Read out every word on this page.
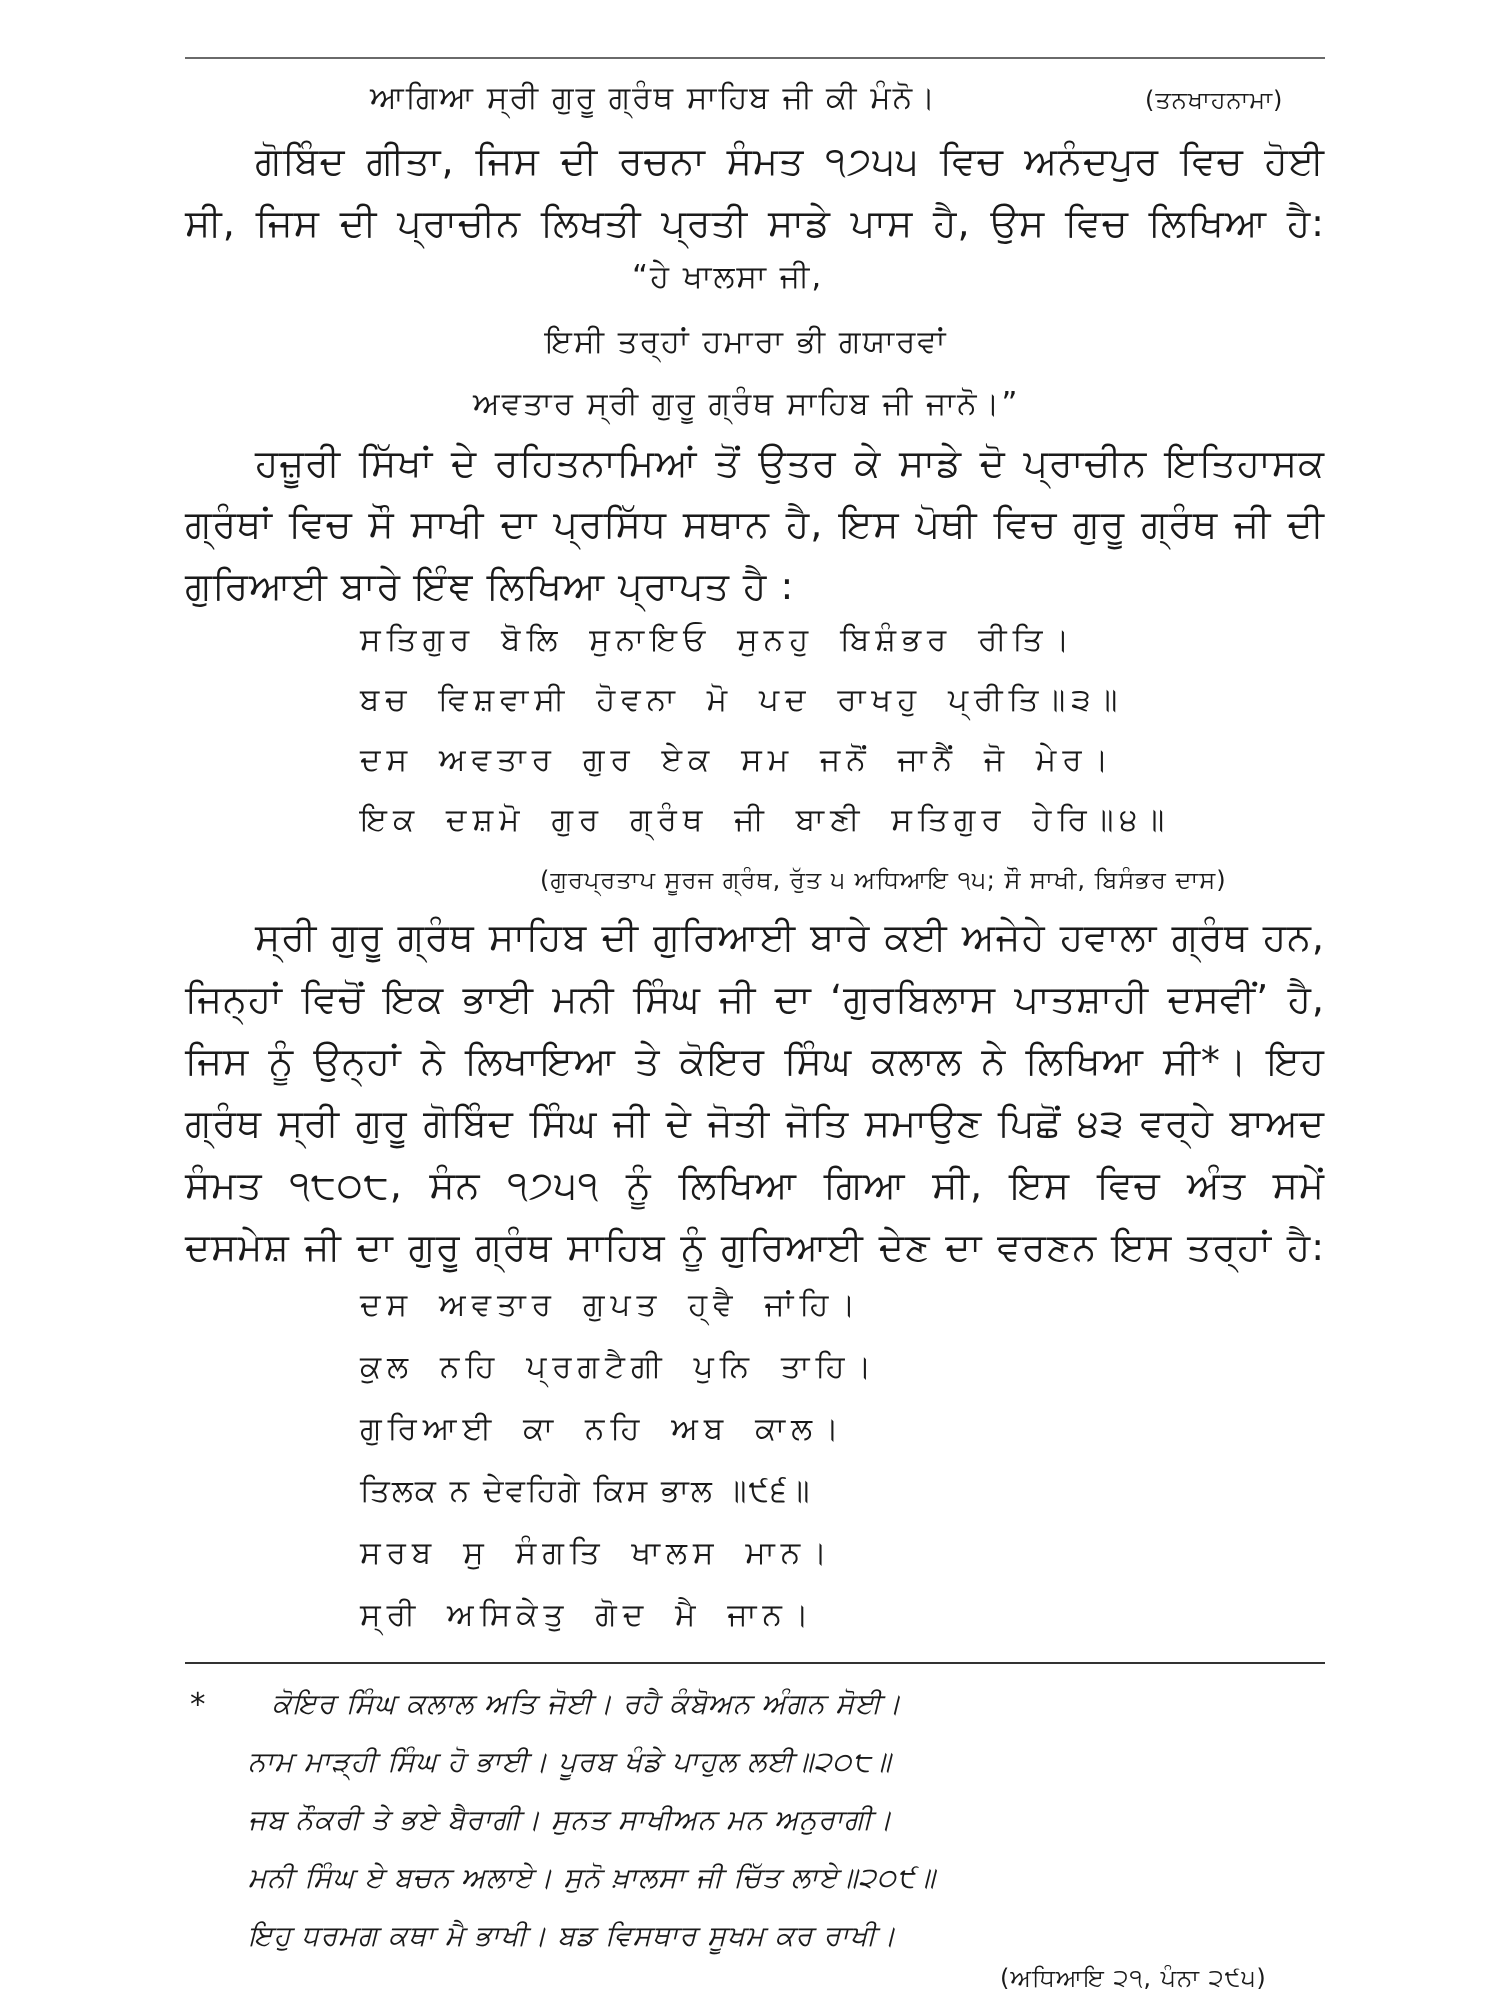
ਆਗਿਆ ਸ੍ਰੀ ਗੁਰੂ ਗ੍ਰੰਥ ਸਾਹਿਬ ਜੀ ਕੀ ਮੰਨੋ।	(ਤਨਖਾਹਨਾਮਾ)
ਗੋਬਿੰਦ ਗੀਤਾ, ਜਿਸ ਦੀ ਰਚਨਾ ਸੰਮਤ ੧੭੫੫ ਵਿਚ ਅਨੰਦਪੁਰ ਵਿਚ ਹੋਈ
ਸੀ, ਜਿਸ ਦੀ ਪ੍ਰਾਚੀਨ ਲਿਖਤੀ ਪ੍ਰਤੀ ਸਾਡੇ ਪਾਸ ਹੈ, ਉਸ ਵਿਚ ਲਿਖਿਆ ਹੈ:
“ਹੇ ਖਾਲਸਾ ਜੀ,
ਇਸੀ ਤਰ੍ਹਾਂ ਹਮਾਰਾ ਭੀ ਗਯਾਰਵਾਂ
ਅਵਤਾਰ ਸ੍ਰੀ ਗੁਰੂ ਗ੍ਰੰਥ ਸਾਹਿਬ ਜੀ ਜਾਨੋ।”
ਹਜ਼ੂਰੀ ਸਿੱਖਾਂ ਦੇ ਰਹਿਤਨਾਮਿਆਂ ਤੋਂ ਉਤਰ ਕੇ ਸਾਡੇ ਦੋ ਪ੍ਰਾਚੀਨ ਇਤਿਹਾਸਕ
ਗ੍ਰੰਥਾਂ ਵਿਚ ਸੌ ਸਾਖੀ ਦਾ ਪ੍ਰਸਿੱਧ ਸਥਾਨ ਹੈ, ਇਸ ਪੋਥੀ ਵਿਚ ਗੁਰੂ ਗ੍ਰੰਥ ਜੀ ਦੀ
ਗੁਰਿਆਈ ਬਾਰੇ ਇੰਞ ਲਿਖਿਆ ਪ੍ਰਾਪਤ ਹੈ :
ਸਤਿਗੁਰ ਬੋਲਿ ਸੁਨਾਇਓ ਸੁਨਹੁ ਬਿਸ਼ੰਭਰ ਰੀਤਿ।
ਬਚ ਵਿਸ਼ਵਾਸੀ ਹੋਵਨਾ ਮੋ ਪਦ ਰਾਖਹੁ ਪ੍ਰੀਤਿ॥੩॥
ਦਸ ਅਵਤਾਰ ਗੁਰ ਏਕ ਸਮ ਜਨੋਂ ਜਾਨੈਂ ਜੋ ਮੇਰ।
ਇਕ ਦਸ਼ਮੋ ਗੁਰ ਗ੍ਰੰਥ ਜੀ ਬਾਣੀ ਸਤਿਗੁਰ ਹੇਰਿ॥੪॥
(ਗੁਰਪ੍ਰਤਾਪ ਸੂਰਜ ਗ੍ਰੰਥ, ਰੁੱਤ ੫ ਅਧਿਆਇ ੧੫; ਸੌ ਸਾਖੀ, ਬਿਸੰਭਰ ਦਾਸ)
ਸ੍ਰੀ ਗੁਰੂ ਗ੍ਰੰਥ ਸਾਹਿਬ ਦੀ ਗੁਰਿਆਈ ਬਾਰੇ ਕਈ ਅਜੇਹੇ ਹਵਾਲਾ ਗ੍ਰੰਥ ਹਨ,
ਜਿਨ੍ਹਾਂ ਵਿਚੋਂ ਇਕ ਭਾਈ ਮਨੀ ਸਿੰਘ ਜੀ ਦਾ ‘ਗੁਰਬਿਲਾਸ ਪਾਤਸ਼ਾਹੀ ਦਸਵੀਂ’ ਹੈ,
ਜਿਸ ਨੂੰ ਉਨ੍ਹਾਂ ਨੇ ਲਿਖਾਇਆ ਤੇ ਕੋਇਰ ਸਿੰਘ ਕਲਾਲ ਨੇ ਲਿਖਿਆ ਸੀ*। ਇਹ
ਗ੍ਰੰਥ ਸ੍ਰੀ ਗੁਰੂ ਗੋਬਿੰਦ ਸਿੰਘ ਜੀ ਦੇ ਜੋਤੀ ਜੋਤਿ ਸਮਾਉਣ ਪਿਛੋਂ ੪੩ ਵਰ੍ਹੇ ਬਾਅਦ
ਸੰਮਤ ੧੮੦੮, ਸੰਨ ੧੭੫੧ ਨੂੰ ਲਿਖਿਆ ਗਿਆ ਸੀ, ਇਸ ਵਿਚ ਅੰਤ ਸਮੇਂ
ਦਸਮੇਸ਼ ਜੀ ਦਾ ਗੁਰੂ ਗ੍ਰੰਥ ਸਾਹਿਬ ਨੂੰ ਗੁਰਿਆਈ ਦੇਣ ਦਾ ਵਰਣਨ ਇਸ ਤਰ੍ਹਾਂ ਹੈ:
ਦਸ ਅਵਤਾਰ ਗੁਪਤ ਹ੍ਵੈ ਜਾਂਹਿ।
ਕੁਲ ਨਹਿ ਪ੍ਰਗਟੈਗੀ ਪੁਨਿ ਤਾਹਿ।
ਗੁਰਿਆਈ ਕਾ ਨਹਿ ਅਬ ਕਾਲ।
ਤਿਲਕ ਨ ਦੇਵਹਿਗੇ ਕਿਸ ਭਾਲ ॥੯੬॥
ਸਰਬ ਸੁ ਸੰਗਤਿ ਖਾਲਸ ਮਾਨ।
ਸ੍ਰੀ ਅਸਿਕੇਤੁ ਗੋਦ ਮੈ ਜਾਨ।
* ਕੋਇਰ ਸਿੰਘ ਕਲਾਲ ਅਤਿ ਜੋਈ। ਰਹੈ ਕੰਬੋਅਨ ਅੰਗਨ ਸੋਈ।
ਨਾਮ ਮਾੜ੍ਹੀ ਸਿੰਘ ਹੋ ਭਾਈ। ਪੂਰਬ ਖੰਡੇ ਪਾਹੁਲ ਲਈ॥੨੦੮॥
ਜਬ ਨੌਕਰੀ ਤੇ ਭਏ ਬੈਰਾਗੀ। ਸੁਨਤ ਸਾਖੀਅਨ ਮਨ ਅਨੁਰਾਗੀ।
ਮਨੀ ਸਿੰਘ ਏ ਬਚਨ ਅਲਾਏ। ਸੁਨੋ ਖ਼ਾਲਸਾ ਜੀ ਚਿੱਤ ਲਾਏ॥੨੦੯॥
ਇਹੁ ਧਰਮਗ ਕਥਾ ਮੈ ਭਾਖੀ। ਬਡ ਵਿਸਥਾਰ ਸੂਖਮ ਕਰ ਰਾਖੀ।
(ਅਧਿਆਇ ੨੧, ਪੰਨਾ ੨੯੫)
